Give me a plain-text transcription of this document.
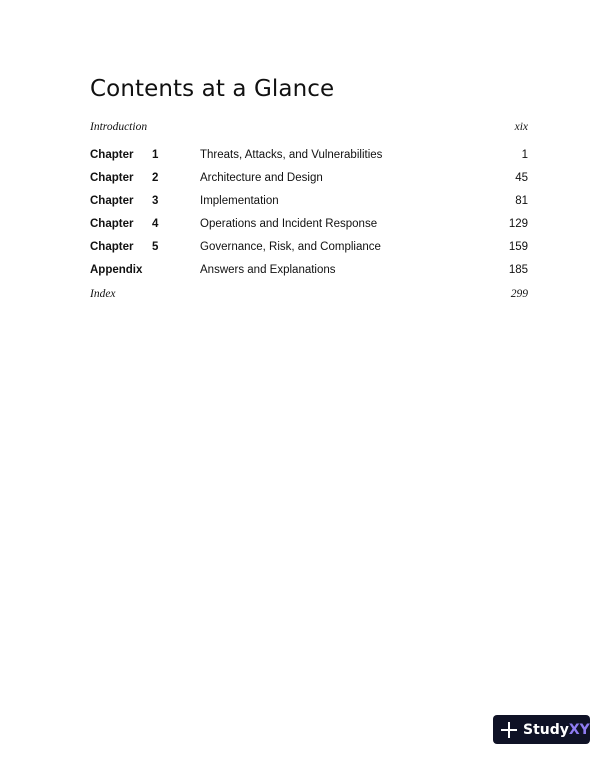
Contents at a Glance
Introduction	xix
Chapter 1	Threats, Attacks, and Vulnerabilities	1
Chapter 2	Architecture and Design	45
Chapter 3	Implementation	81
Chapter 4	Operations and Incident Response	129
Chapter 5	Governance, Risk, and Compliance	159
Appendix	Answers and Explanations	185
Index	299
StudyXY
